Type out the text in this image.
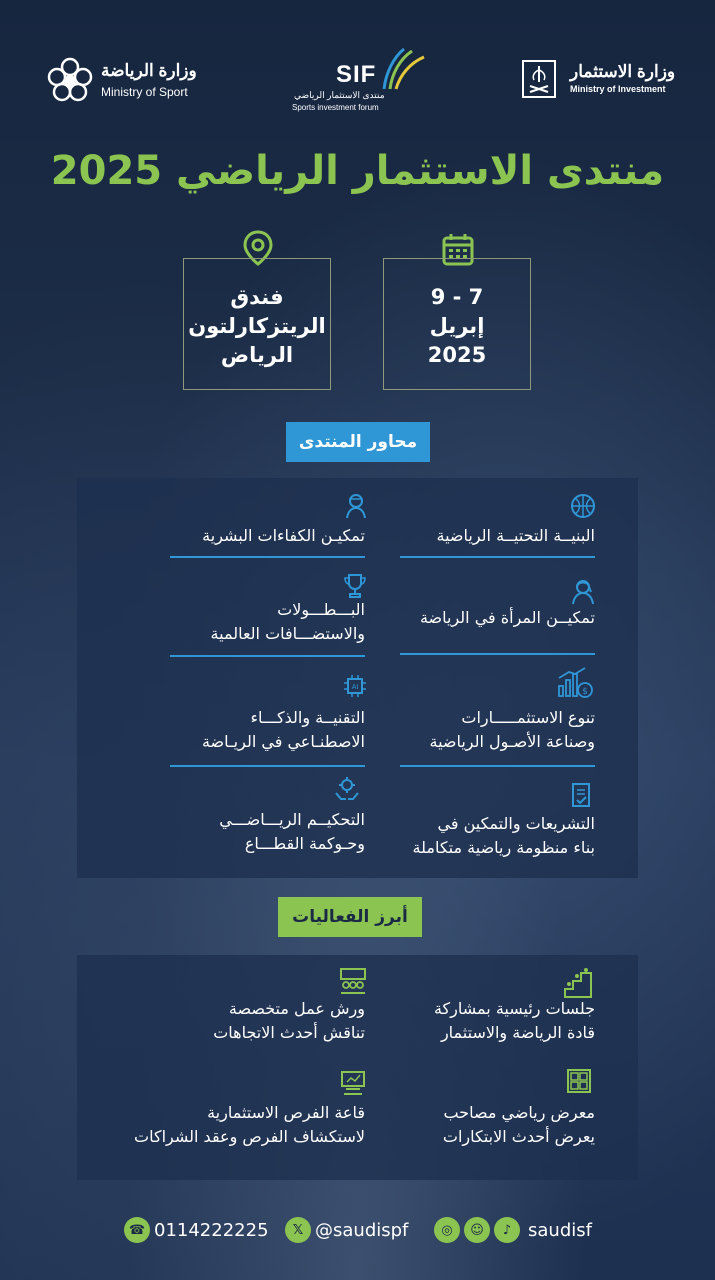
وزارة الرياضة
Ministry of Sport
SIF
منتدى الاستثمار الرياضي
Sports investment forum
وزارة الاستثمار
Ministry of Investment
منتدى الاستثمار الرياضي 2025
فندق
الريتزكارلتون
الرياض
7 - 9
إبريل
2025
محاور المنتدى
البنيــة التحتيــة الرياضية
تمكيــن المرأة في الرياضة
$
تنوع الاستثمـــــارات
وصناعة الأصـول الرياضية
التشريعات والتمكين في
بناء منظومة رياضية متكاملة
تمكيـن الكفاءات البشرية
البـــطـــولات
والاستضـــافات العالمية
AI
التقنيــة والذكـــاء
الاصطنـاعي في الريـاضة
التحكيــم الريـــاضـــي
وحـوكمة القطـــاع
أبرز الفعاليات
جلسات رئيسية بمشاركة
قادة الرياضة والاستثمار
معرض رياضي مصاحب
يعرض أحدث الابتكارات
ورش عمل متخصصة
تناقش أحدث الاتجاهات
قاعة الفرص الاستثمارية
لاستكشاف الفرص وعقد الشراكات
☎ 0114222225	𝕏 @saudispf	◎	☺	♪ saudisf
